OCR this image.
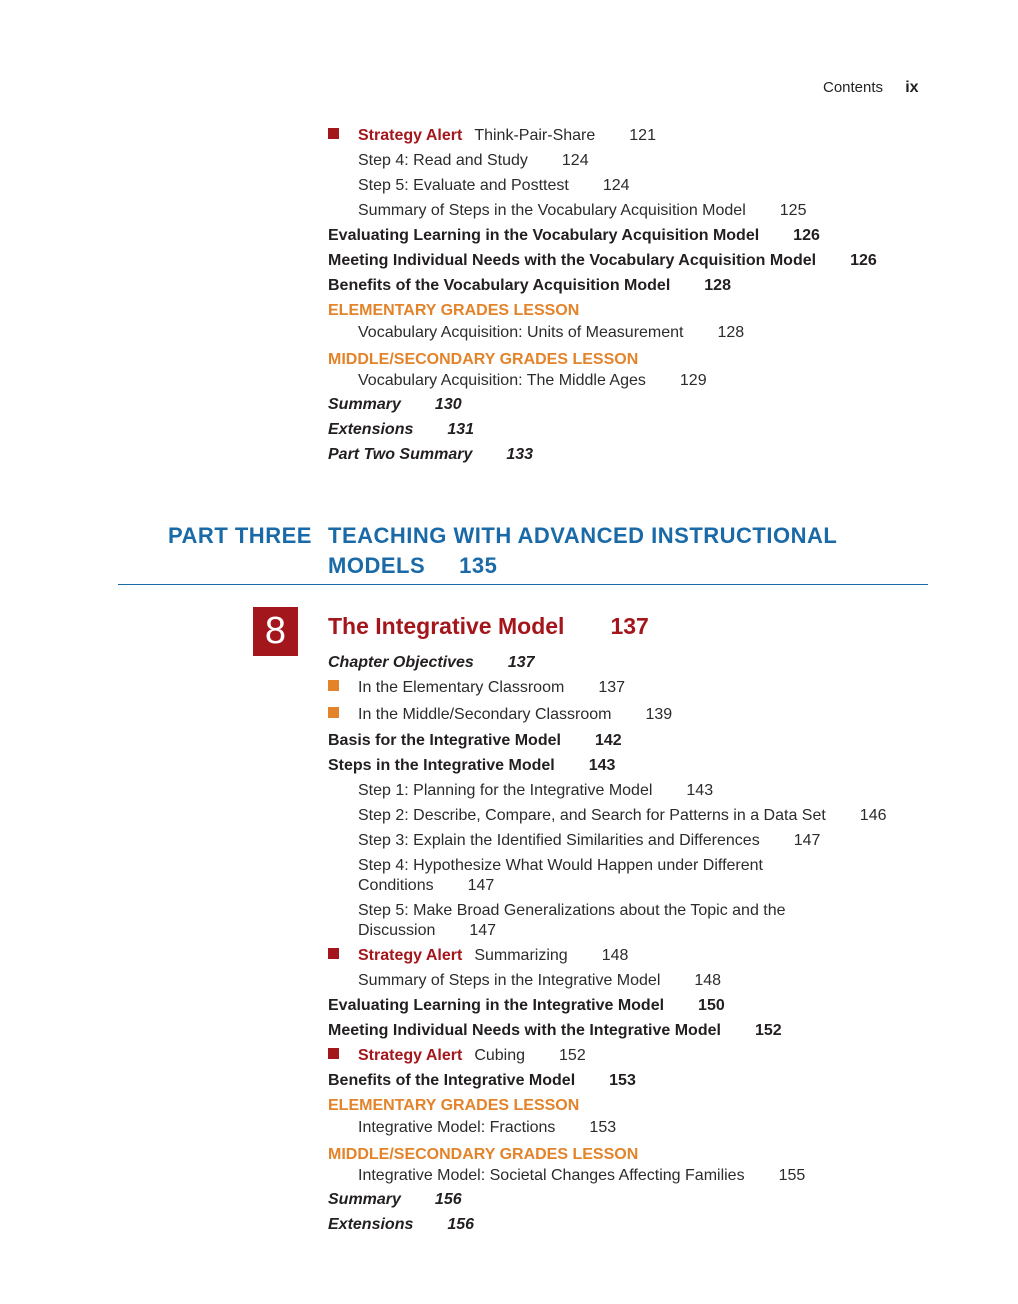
Contents ix
Strategy Alert Think-Pair-Share 121
Step 4: Read and Study 124
Step 5: Evaluate and Posttest 124
Summary of Steps in the Vocabulary Acquisition Model 125
Evaluating Learning in the Vocabulary Acquisition Model 126
Meeting Individual Needs with the Vocabulary Acquisition Model 126
Benefits of the Vocabulary Acquisition Model 128
ELEMENTARY GRADES LESSON
Vocabulary Acquisition: Units of Measurement 128
MIDDLE/SECONDARY GRADES LESSON
Vocabulary Acquisition: The Middle Ages 129
Summary 130
Extensions 131
Part Two Summary 133
PART THREE TEACHING WITH ADVANCED INSTRUCTIONAL
MODELS 135
8	The Integrative Model 137
Chapter Objectives 137
In the Elementary Classroom 137
In the Middle/Secondary Classroom 139
Basis for the Integrative Model 142
Steps in the Integrative Model 143
Step 1: Planning for the Integrative Model 143
Step 2: Describe, Compare, and Search for Patterns in a Data Set 146
Step 3: Explain the Identified Similarities and Differences 147
Step 4: Hypothesize What Would Happen under Different
Conditions 147
Step 5: Make Broad Generalizations about the Topic and the
Discussion 147
Strategy Alert Summarizing 148
Summary of Steps in the Integrative Model 148
Evaluating Learning in the Integrative Model 150
Meeting Individual Needs with the Integrative Model 152
Strategy Alert Cubing 152
Benefits of the Integrative Model 153
ELEMENTARY GRADES LESSON
Integrative Model: Fractions 153
MIDDLE/SECONDARY GRADES LESSON
Integrative Model: Societal Changes Affecting Families 155
Summary 156
Extensions 156
